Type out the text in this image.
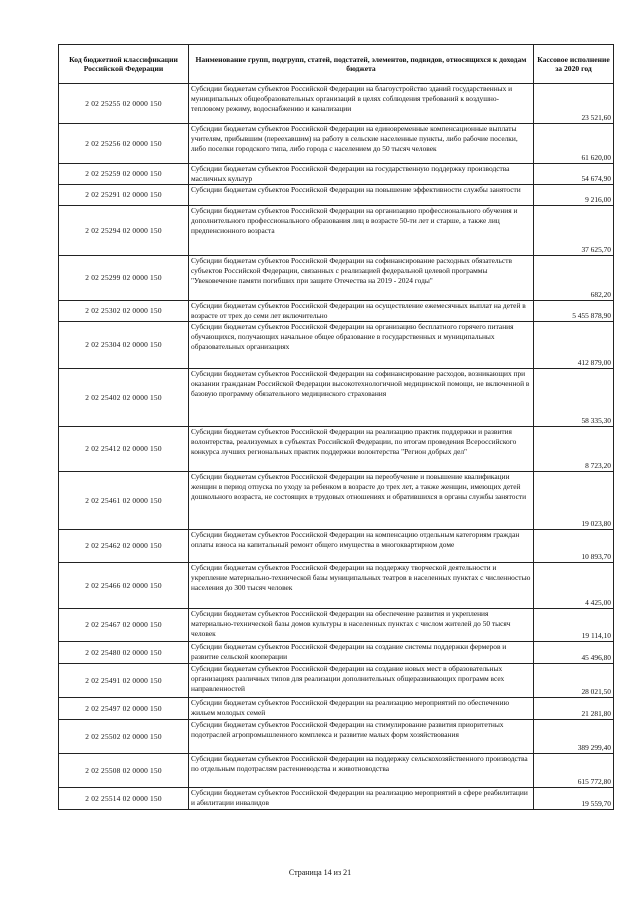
Код бюджетной классификации Российской Федерации	Наименование групп, подгрупп, статей, подстатей, элементов, подвидов, относящихся к доходам бюджета	Кассовое исполнение за 2020 год
2 02 25255 02 0000 150	Субсидии бюджетам субъектов Российской Федерации на благоустройство зданий государственных и муниципальных общеобразовательных организаций в целях соблюдения требований к воздушно-тепловому режиму, водоснабжению и канализации	23 521,60
2 02 25256 02 0000 150	Субсидии бюджетам субъектов Российской Федерации на единовременные компенсационные выплаты учителям, прибывшим (переехавшим) на работу в сельские населенные пункты, либо рабочие поселки, либо поселки городского типа, либо города с населением до 50 тысяч человек	61 620,00
2 02 25259 02 0000 150	Субсидии бюджетам субъектов Российской Федерации на государственную поддержку производства масличных культур	54 674,90
2 02 25291 02 0000 150	Субсидии бюджетам субъектов Российской Федерации на повышение эффективности службы занятости	9 216,00
2 02 25294 02 0000 150	Субсидии бюджетам субъектов Российской Федерации на организацию профессионального обучения и дополнительного профессионального образования лиц в возрасте 50-ти лет и старше, а также лиц предпенсионного возраста	37 625,70
2 02 25299 02 0000 150	Субсидии бюджетам субъектов Российской Федерации на софинансирование расходных обязательств субъектов Российской Федерации, связанных с реализацией федеральной целевой программы "Увековечение памяти погибших при защите Отечества на 2019 - 2024 годы"	682,20
2 02 25302 02 0000 150	Субсидии бюджетам субъектов Российской Федерации на осуществление ежемесячных выплат на детей в возрасте от трех до семи лет включительно	5 455 878,90
2 02 25304 02 0000 150	Субсидии бюджетам субъектов Российской Федерации на организацию бесплатного горячего питания обучающихся, получающих начальное общее образование в государственных и муниципальных образовательных организациях	412 879,00
2 02 25402 02 0000 150	Субсидии бюджетам субъектов Российской Федерации на софинансирование расходов, возникающих при оказании гражданам Российской Федерации высокотехнологичной медицинской помощи, не включенной в базовую программу обязательного медицинского страхования	58 335,30
2 02 25412 02 0000 150	Субсидии бюджетам субъектов Российской Федерации на реализацию практик поддержки и развития волонтерства, реализуемых в субъектах Российской Федерации, по итогам проведения Всероссийского конкурса лучших региональных практик поддержки волонтерства "Регион добрых дел"	8 723,20
2 02 25461 02 0000 150	Субсидии бюджетам субъектов Российской Федерации на переобучение и повышение квалификации женщин в период отпуска по уходу за ребенком в возрасте до трех лет, а также женщин, имеющих детей дошкольного возраста, не состоящих в трудовых отношениях и обратившихся в органы службы занятости	19 023,80
2 02 25462 02 0000 150	Субсидии бюджетам субъектов Российской Федерации на компенсацию отдельным категориям граждан оплаты взноса на капитальный ремонт общего имущества в многоквартирном доме	10 893,70
2 02 25466 02 0000 150	Субсидии бюджетам субъектов Российской Федерации на поддержку творческой деятельности и укрепление материально-технической базы муниципальных театров в населенных пунктах с численностью населения до 300 тысяч человек	4 425,00
2 02 25467 02 0000 150	Субсидии бюджетам субъектов Российской Федерации на обеспечение развития и укрепления материально-технической базы домов культуры в населенных пунктах с числом жителей до 50 тысяч человек	19 114,10
2 02 25480 02 0000 150	Субсидии бюджетам субъектов Российской Федерации на создание системы поддержки фермеров и развитие сельской кооперации	45 496,80
2 02 25491 02 0000 150	Субсидии бюджетам субъектов Российской Федерации на создание новых мест в образовательных организациях различных типов для реализации дополнительных общеразвивающих программ всех направленностей	28 021,50
2 02 25497 02 0000 150	Субсидии бюджетам субъектов Российской Федерации на реализацию мероприятий по обеспечению жильем молодых семей	21 281,80
2 02 25502 02 0000 150	Субсидии бюджетам субъектов Российской Федерации на стимулирование развития приоритетных подотраслей агропромышленного комплекса и развитие малых форм хозяйствования	389 299,40
2 02 25508 02 0000 150	Субсидии бюджетам субъектов Российской Федерации на поддержку сельскохозяйственного производства по отдельным подотраслям растениеводства и животноводства	615 772,80
2 02 25514 02 0000 150	Субсидии бюджетам субъектов Российской Федерации на реализацию мероприятий в сфере реабилитации и абилитации инвалидов	19 559,70
Страница 14 из 21
